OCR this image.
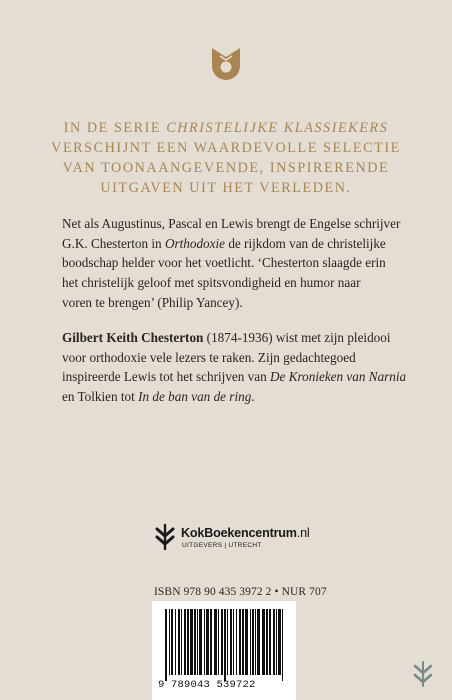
IN DE SERIE CHRISTELIJKE KLASSIEKERS
VERSCHIJNT EEN WAARDEVOLLE SELECTIE
VAN TOONAANGEVENDE, INSPIRERENDE
UITGAVEN UIT HET VERLEDEN.
Net als Augustinus, Pascal en Lewis brengt de Engelse schrijver
G.K. Chesterton in Orthodoxie de rijkdom van de christelijke
boodschap helder voor het voetlicht. ‘Chesterton slaagde erin
het christelijk geloof met spitsvondigheid en humor naar
voren te brengen’ (Philip Yancey).
Gilbert Keith Chesterton (1874-1936) wist met zijn pleidooi
voor orthodoxie vele lezers te raken. Zijn gedachtegoed
inspireerde Lewis tot het schrijven van De Kronieken van Narnia
en Tolkien tot In de ban van de ring.
KokBoekencentrum.nl
UITGEVERS | UTRECHT
ISBN 978 90 435 3972 2 • NUR 707
9 789043 539722
